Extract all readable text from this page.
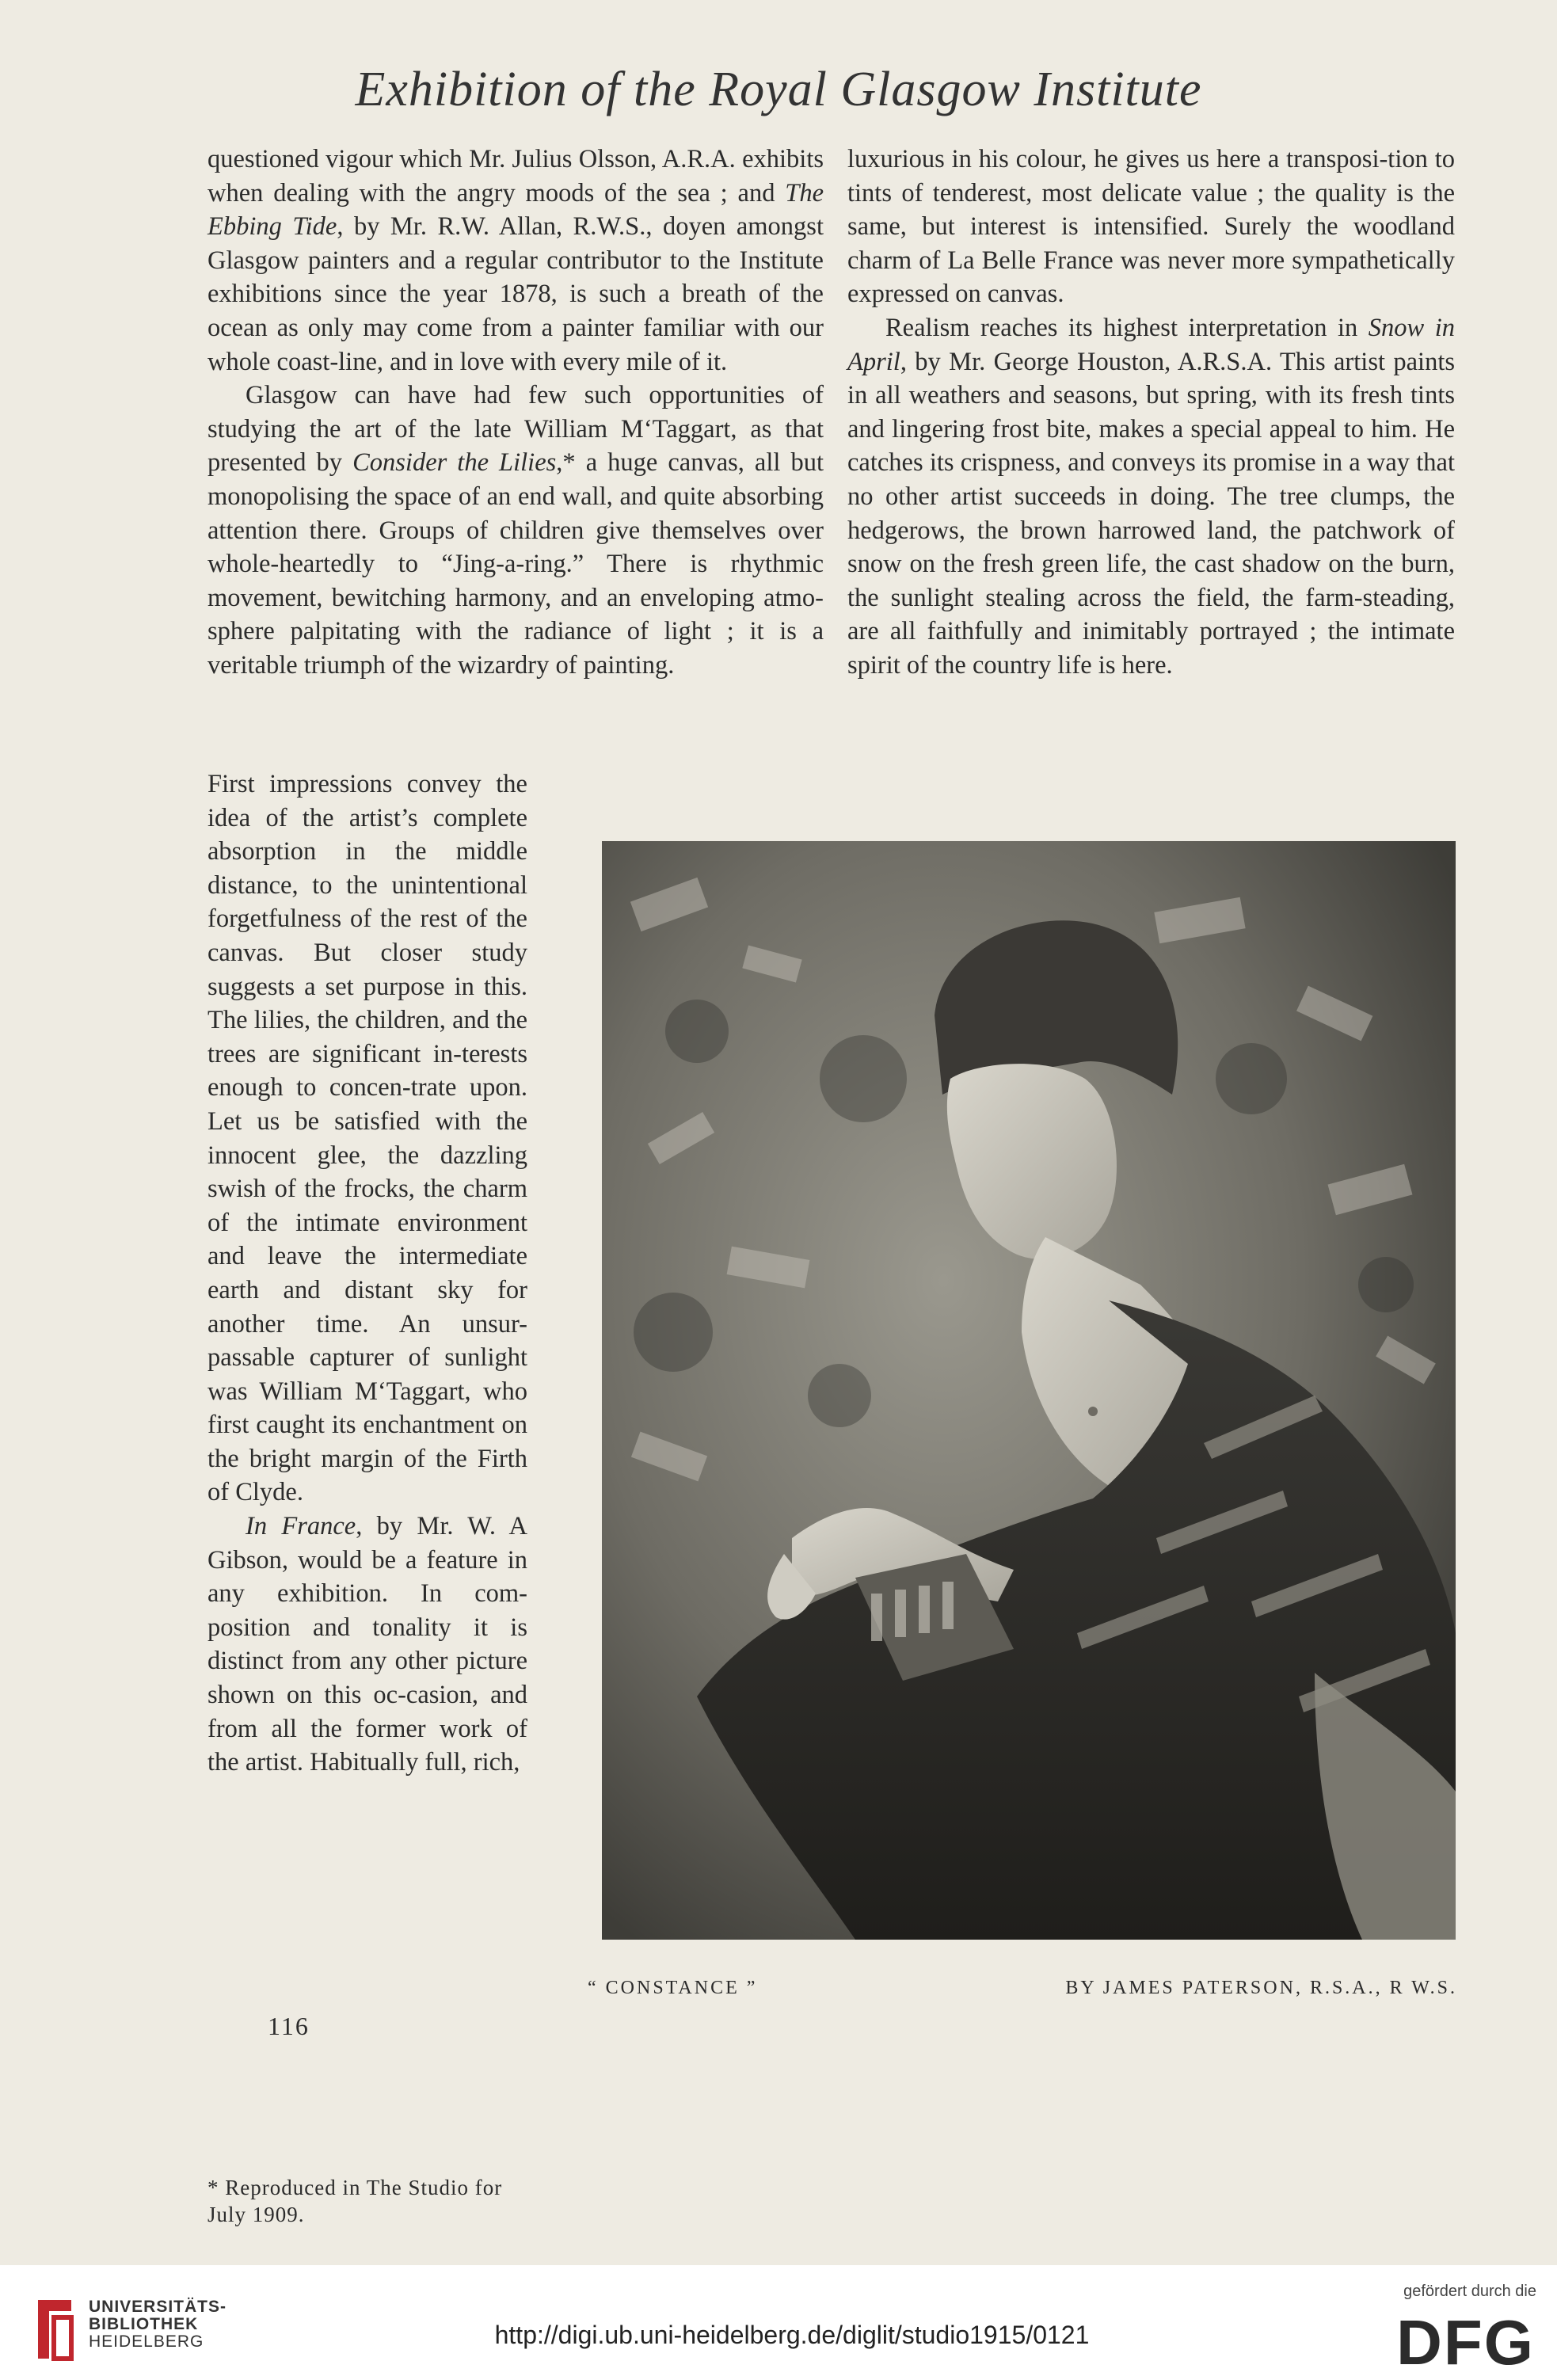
Exhibition of the Royal Glasgow Institute

questioned vigour which Mr. Julius Olsson, A.R.A. exhibits when dealing with the angry moods of the sea ; and The Ebbing Tide, by Mr. R.W. Allan, R.W.S., doyen amongst Glasgow painters and a regular contributor to the Institute exhibitions since the year 1878, is such a breath of the ocean as only may come from a painter familiar with our whole coast-line, and in love with every mile of it.

Glasgow can have had few such opportunities of studying the art of the late William M‘Taggart, as that presented by Consider the Lilies,* a huge canvas, all but monopolising the space of an end wall, and quite absorbing attention there. Groups of children give themselves over whole-heartedly to “Jing-a-ring.” There is rhythmic movement, bewitching harmony, and an enveloping atmo-sphere palpitating with the radiance of light ; it is a veritable triumph of the wizardry of painting.

First impressions convey the idea of the artist’s complete absorption in the middle distance, to the unintentional forgetfulness of the rest of the canvas. But closer study suggests a set purpose in this. The lilies, the children, and the trees are significant in-terests enough to concen-trate upon. Let us be satisfied with the innocent glee, the dazzling swish of the frocks, the charm of the intimate environment and leave the intermediate earth and distant sky for another time. An unsur-passable capturer of sunlight was William M‘Taggart, who first caught its enchantment on the bright margin of the Firth of Clyde.

In France, by Mr. W. A Gibson, would be a feature in any exhibition. In com-position and tonality it is distinct from any other picture shown on this oc-casion, and from all the former work of the artist. Habitually full, rich,

luxurious in his colour, he gives us here a transposi-tion to tints of tenderest, most delicate value ; the quality is the same, but interest is intensified. Surely the woodland charm of La Belle France was never more sympathetically expressed on canvas.

Realism reaches its highest interpretation in Snow in April, by Mr. George Houston, A.R.S.A. This artist paints in all weathers and seasons, but spring, with its fresh tints and lingering frost bite, makes a special appeal to him. He catches its crispness, and conveys its promise in a way that no other artist succeeds in doing. The tree clumps, the hedgerows, the brown harrowed land, the patchwork of snow on the fresh green life, the cast shadow on the burn, the sunlight stealing across the field, the farm-steading, are all faithfully and inimitably portrayed ; the intimate spirit of the country life is here.

* Reproduced in The Studio for July 1909.
116
“ CONSTANCE ”	BY JAMES PATERSON, R.S.A., R W.S.
UNIVERSITÄTS-
BIBLIOTHEK
HEIDELBERG	http://digi.ub.uni-heidelberg.de/diglit/studio1915/0121
gefördert durch die
DFG
